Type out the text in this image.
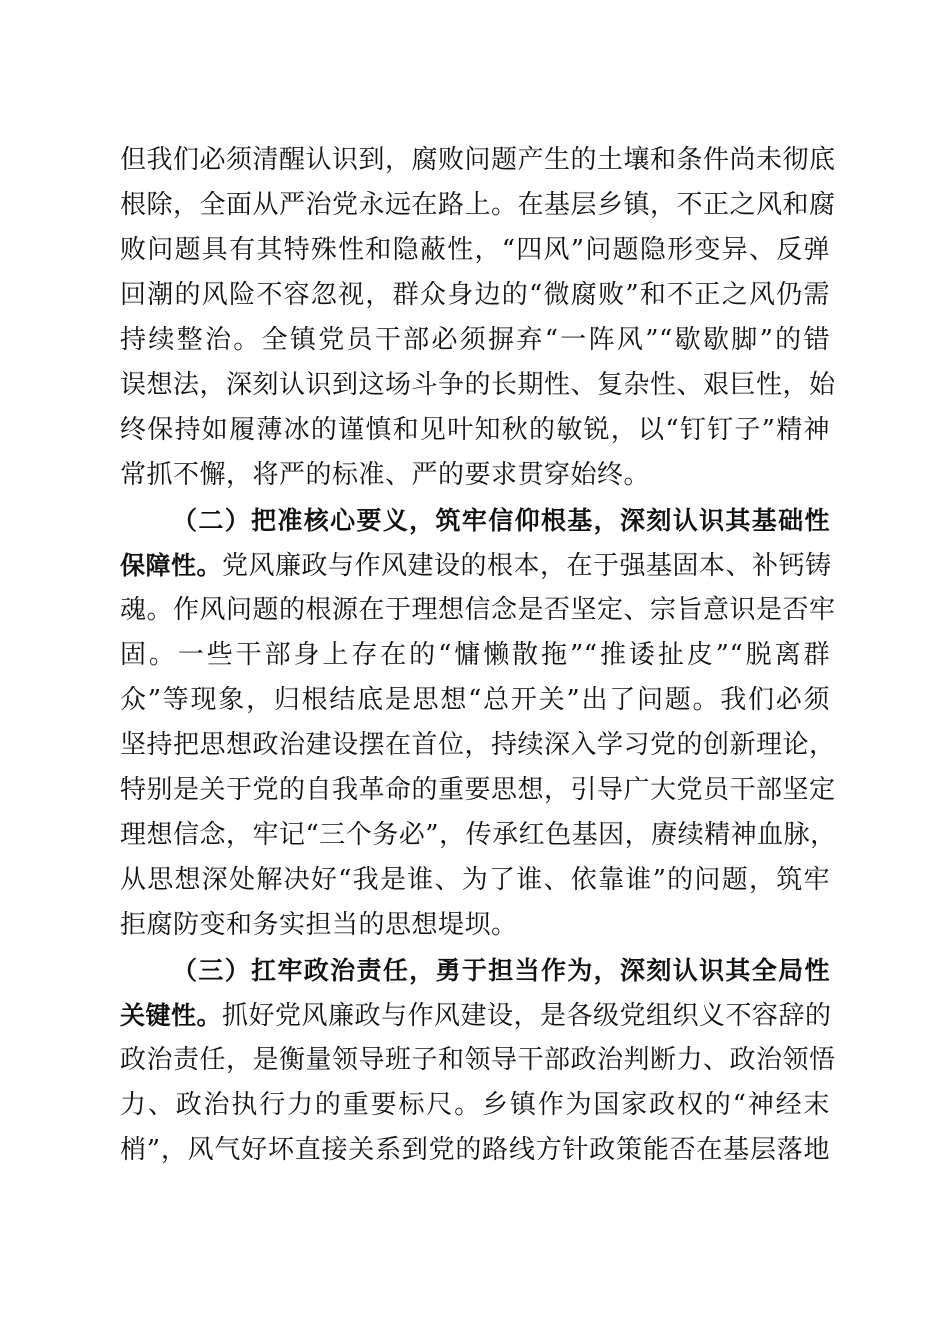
但我们必须清醒认识到，腐败问题产生的土壤和条件尚未彻底
根除，全面从严治党永远在路上。在基层乡镇，不正之风和腐
败问题具有其特殊性和隐蔽性，“四风”问题隐形变异、反弹
回潮的风险不容忽视，群众身边的“微腐败”和不正之风仍需
持续整治。全镇党员干部必须摒弃“一阵风”“歇歇脚”的错
误想法，深刻认识到这场斗争的长期性、复杂性、艰巨性，始
终保持如履薄冰的谨慎和见叶知秋的敏锐，以“钉钉子”精神
常抓不懈，将严的标准、严的要求贯穿始终。
（二）把准核心要义，筑牢信仰根基，深刻认识其基础性
保障性。党风廉政与作风建设的根本，在于强基固本、补钙铸
魂。作风问题的根源在于理想信念是否坚定、宗旨意识是否牢
固。一些干部身上存在的“慵懒散拖”“推诿扯皮”“脱离群
众”等现象，归根结底是思想“总开关”出了问题。我们必须
坚持把思想政治建设摆在首位，持续深入学习党的创新理论，
特别是关于党的自我革命的重要思想，引导广大党员干部坚定
理想信念，牢记“三个务必”，传承红色基因，赓续精神血脉，
从思想深处解决好“我是谁、为了谁、依靠谁”的问题，筑牢
拒腐防变和务实担当的思想堤坝。
（三）扛牢政治责任，勇于担当作为，深刻认识其全局性
关键性。抓好党风廉政与作风建设，是各级党组织义不容辞的
政治责任，是衡量领导班子和领导干部政治判断力、政治领悟
力、政治执行力的重要标尺。乡镇作为国家政权的“神经末
梢”，风气好坏直接关系到党的路线方针政策能否在基层落地
